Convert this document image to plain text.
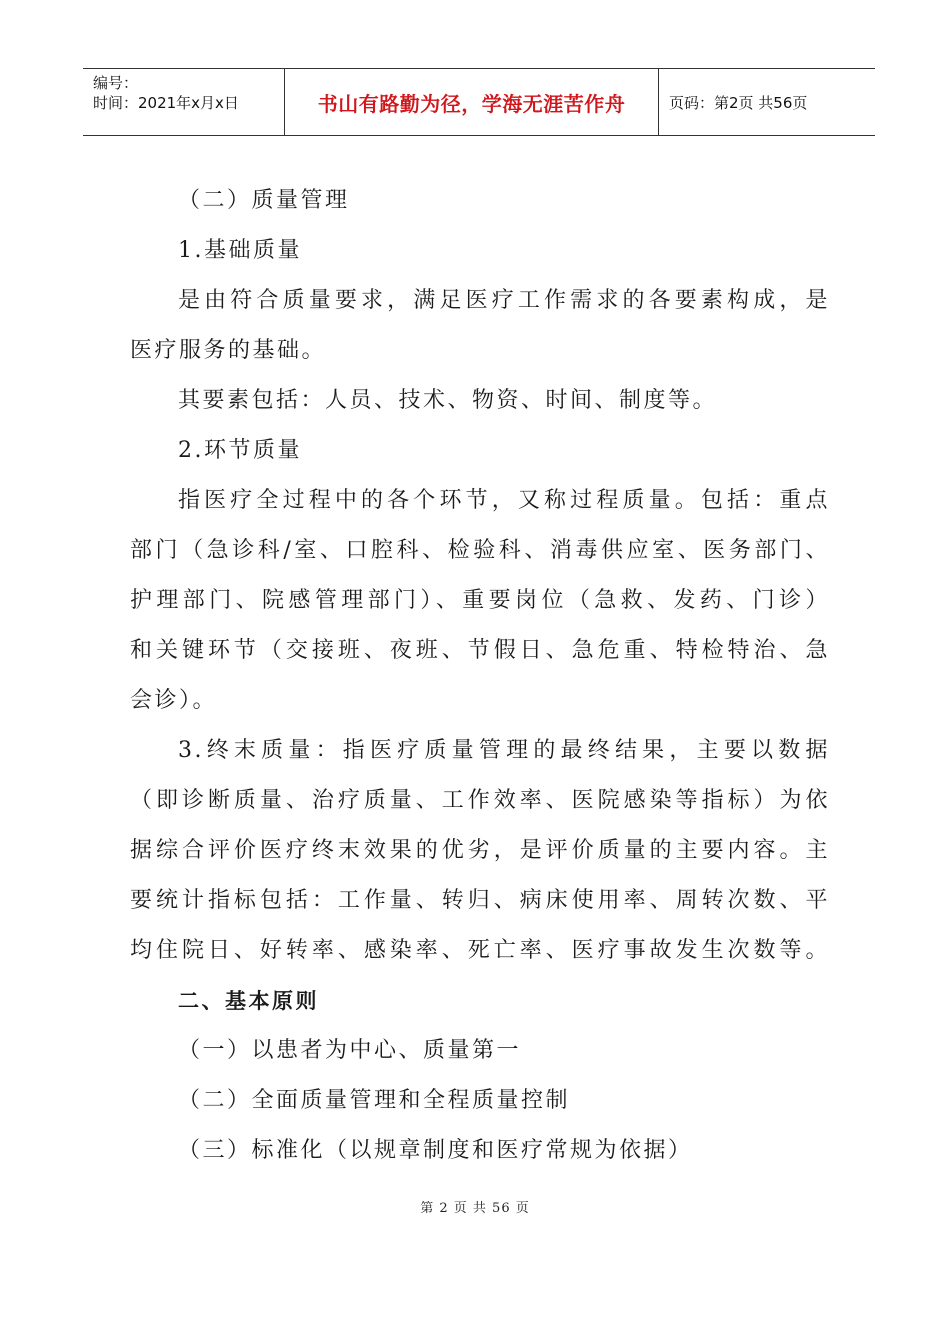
编号：
时间：2021年x月x日	书山有路勤为径，学海无涯苦作舟	页码：第2页 共56页
（二）质量管理
1.基础质量
是由符合质量要求，满足医疗工作需求的各要素构成，是
医疗服务的基础。
其要素包括：人员、技术、物资、时间、制度等。
2.环节质量
指医疗全过程中的各个环节，又称过程质量。包括：重点
部门（急诊科/室、口腔科、检验科、消毒供应室、医务部门、
护理部门、院感管理部门）、重要岗位（急救、发药、门诊）
和关键环节（交接班、夜班、节假日、急危重、特检特治、急
会诊）。
3.终末质量：指医疗质量管理的最终结果，主要以数据
（即诊断质量、治疗质量、工作效率、医院感染等指标）为依
据综合评价医疗终末效果的优劣，是评价质量的主要内容。主
要统计指标包括：工作量、转归、病床使用率、周转次数、平
均住院日、好转率、感染率、死亡率、医疗事故发生次数等。
二、基本原则
（一）以患者为中心、质量第一
（二）全面质量管理和全程质量控制
（三）标准化（以规章制度和医疗常规为依据）
第 2 页 共 56 页
